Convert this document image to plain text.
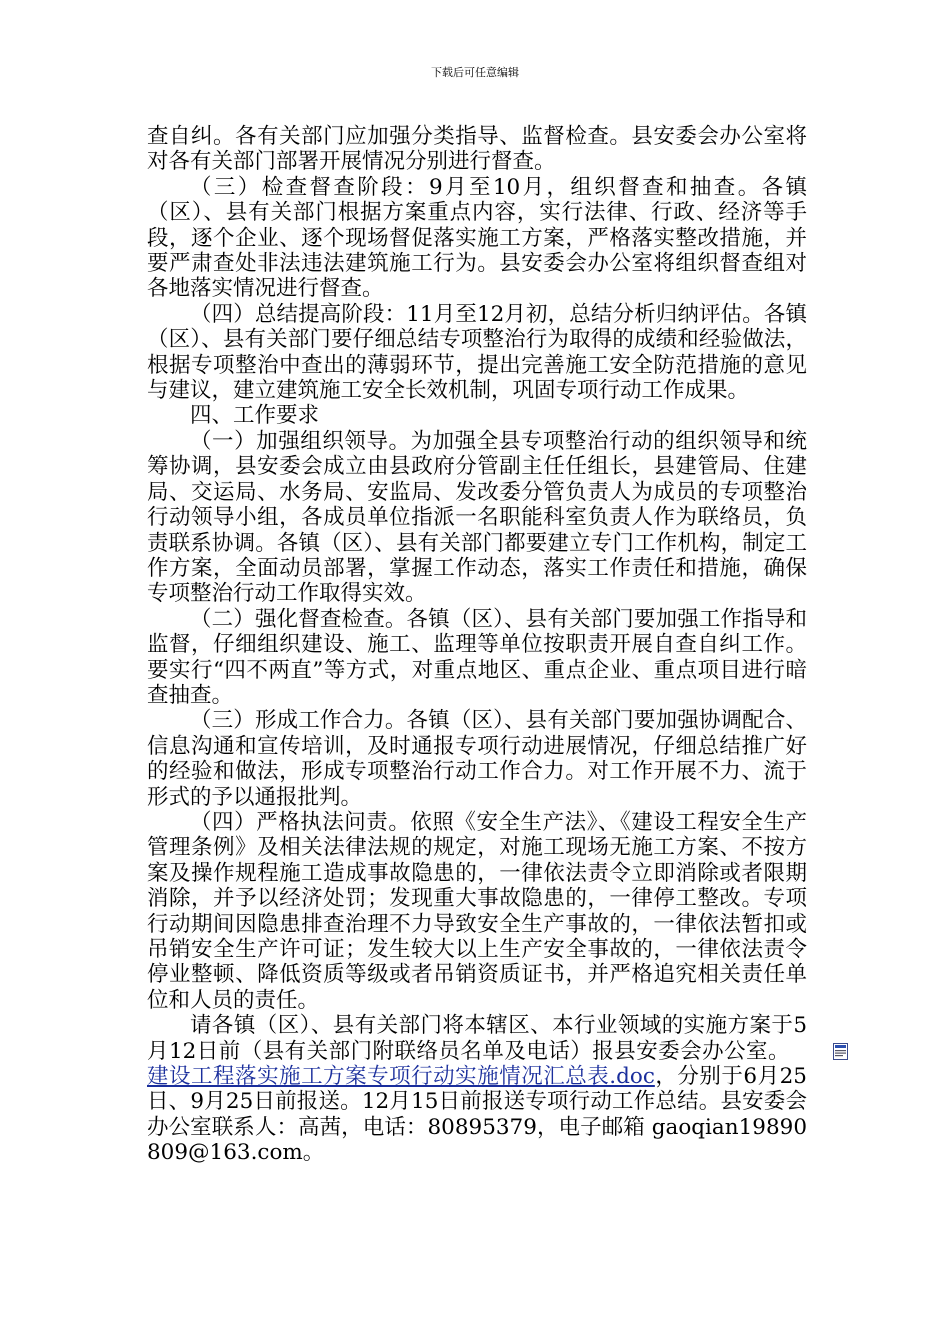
下载后可任意编辑

查自纠。各有关部门应加强分类指导、监督检查。县安委会办公室将对各有关部门部署开展情况分别进行督查。

（三）检查督查阶段：9月至10月，组织督查和抽查。各镇（区）、县有关部门根据方案重点内容，实行法律、行政、经济等手段，逐个企业、逐个现场督促落实施工方案，严格落实整改措施，并要严肃查处非法违法建筑施工行为。县安委会办公室将组织督查组对各地落实情况进行督查。

（四）总结提高阶段：11月至12月初，总结分析归纳评估。各镇（区）、县有关部门要仔细总结专项整治行为取得的成绩和经验做法，根据专项整治中查出的薄弱环节，提出完善施工安全防范措施的意见与建议，建立建筑施工安全长效机制，巩固专项行动工作成果。

四、工作要求

（一）加强组织领导。为加强全县专项整治行动的组织领导和统筹协调，县安委会成立由县政府分管副主任任组长，县建管局、住建局、交运局、水务局、安监局、发改委分管负责人为成员的专项整治行动领导小组，各成员单位指派一名职能科室负责人作为联络员，负责联系协调。各镇（区）、县有关部门都要建立专门工作机构，制定工作方案，全面动员部署，掌握工作动态，落实工作责任和措施，确保专项整治行动工作取得实效。

（二）强化督查检查。各镇（区）、县有关部门要加强工作指导和监督，仔细组织建设、施工、监理等单位按职责开展自查自纠工作。要实行“四不两直”等方式，对重点地区、重点企业、重点项目进行暗查抽查。

（三）形成工作合力。各镇（区）、县有关部门要加强协调配合、信息沟通和宣传培训，及时通报专项行动进展情况，仔细总结推广好的经验和做法，形成专项整治行动工作合力。对工作开展不力、流于形式的予以通报批判。

（四）严格执法问责。依照《安全生产法》、《建设工程安全生产管理条例》及相关法律法规的规定，对施工现场无施工方案、不按方案及操作规程施工造成事故隐患的，一律依法责令立即消除或者限期消除，并予以经济处罚；发现重大事故隐患的，一律停工整改。专项行动期间因隐患排查治理不力导致安全生产事故的，一律依法暂扣或吊销安全生产许可证；发生较大以上生产安全事故的，一律依法责令停业整顿、降低资质等级或者吊销资质证书，并严格追究相关责任单位和人员的责任。

请各镇（区）、县有关部门将本辖区、本行业领域的实施方案于5月12日前（县有关部门附联络员名单及电话）报县安委会办公室。建设工程落实施工方案专项行动实施情况汇总表.doc，分别于6月25日、9月25日前报送。12月15日前报送专项行动工作总结。县安委会办公室联系人：高茜，电话：80895379，电子邮箱 gaoqian19890809@163.com。
